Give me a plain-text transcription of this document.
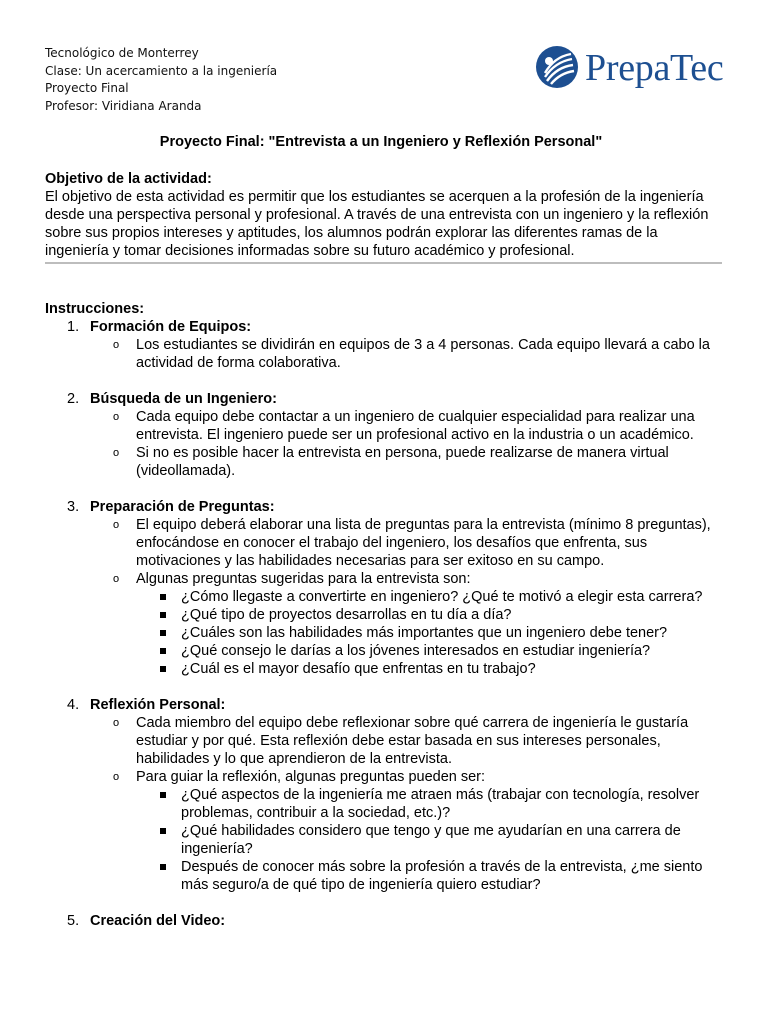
Tecnológico de Monterrey
Clase: Un acercamiento a la ingeniería
Proyecto Final
Profesor: Viridiana Aranda
PrepaTec
Proyecto Final: "Entrevista a un Ingeniero y Reflexión Personal"
Objetivo de la actividad:
El objetivo de esta actividad es permitir que los estudiantes se acerquen a la profesión de la ingeniería desde una perspectiva personal y profesional. A través de una entrevista con un ingeniero y la reflexión sobre sus propios intereses y aptitudes, los alumnos podrán explorar las diferentes ramas de la ingeniería y tomar decisiones informadas sobre su futuro académico y profesional.
Instrucciones:
1. Formación de Equipos:
o Los estudiantes se dividirán en equipos de 3 a 4 personas. Cada equipo llevará a cabo la actividad de forma colaborativa.
2. Búsqueda de un Ingeniero:
o Cada equipo debe contactar a un ingeniero de cualquier especialidad para realizar una entrevista. El ingeniero puede ser un profesional activo en la industria o un académico.
o Si no es posible hacer la entrevista en persona, puede realizarse de manera virtual (videollamada).
3. Preparación de Preguntas:
o El equipo deberá elaborar una lista de preguntas para la entrevista (mínimo 8 preguntas), enfocándose en conocer el trabajo del ingeniero, los desafíos que enfrenta, sus motivaciones y las habilidades necesarias para ser exitoso en su campo.
o Algunas preguntas sugeridas para la entrevista son:
¿Cómo llegaste a convertirte en ingeniero? ¿Qué te motivó a elegir esta carrera?
¿Qué tipo de proyectos desarrollas en tu día a día?
¿Cuáles son las habilidades más importantes que un ingeniero debe tener?
¿Qué consejo le darías a los jóvenes interesados en estudiar ingeniería?
¿Cuál es el mayor desafío que enfrentas en tu trabajo?
4. Reflexión Personal:
o Cada miembro del equipo debe reflexionar sobre qué carrera de ingeniería le gustaría estudiar y por qué. Esta reflexión debe estar basada en sus intereses personales, habilidades y lo que aprendieron de la entrevista.
o Para guiar la reflexión, algunas preguntas pueden ser:
¿Qué aspectos de la ingeniería me atraen más (trabajar con tecnología, resolver problemas, contribuir a la sociedad, etc.)?
¿Qué habilidades considero que tengo y que me ayudarían en una carrera de ingeniería?
Después de conocer más sobre la profesión a través de la entrevista, ¿me siento más seguro/a de qué tipo de ingeniería quiero estudiar?
5. Creación del Video:
